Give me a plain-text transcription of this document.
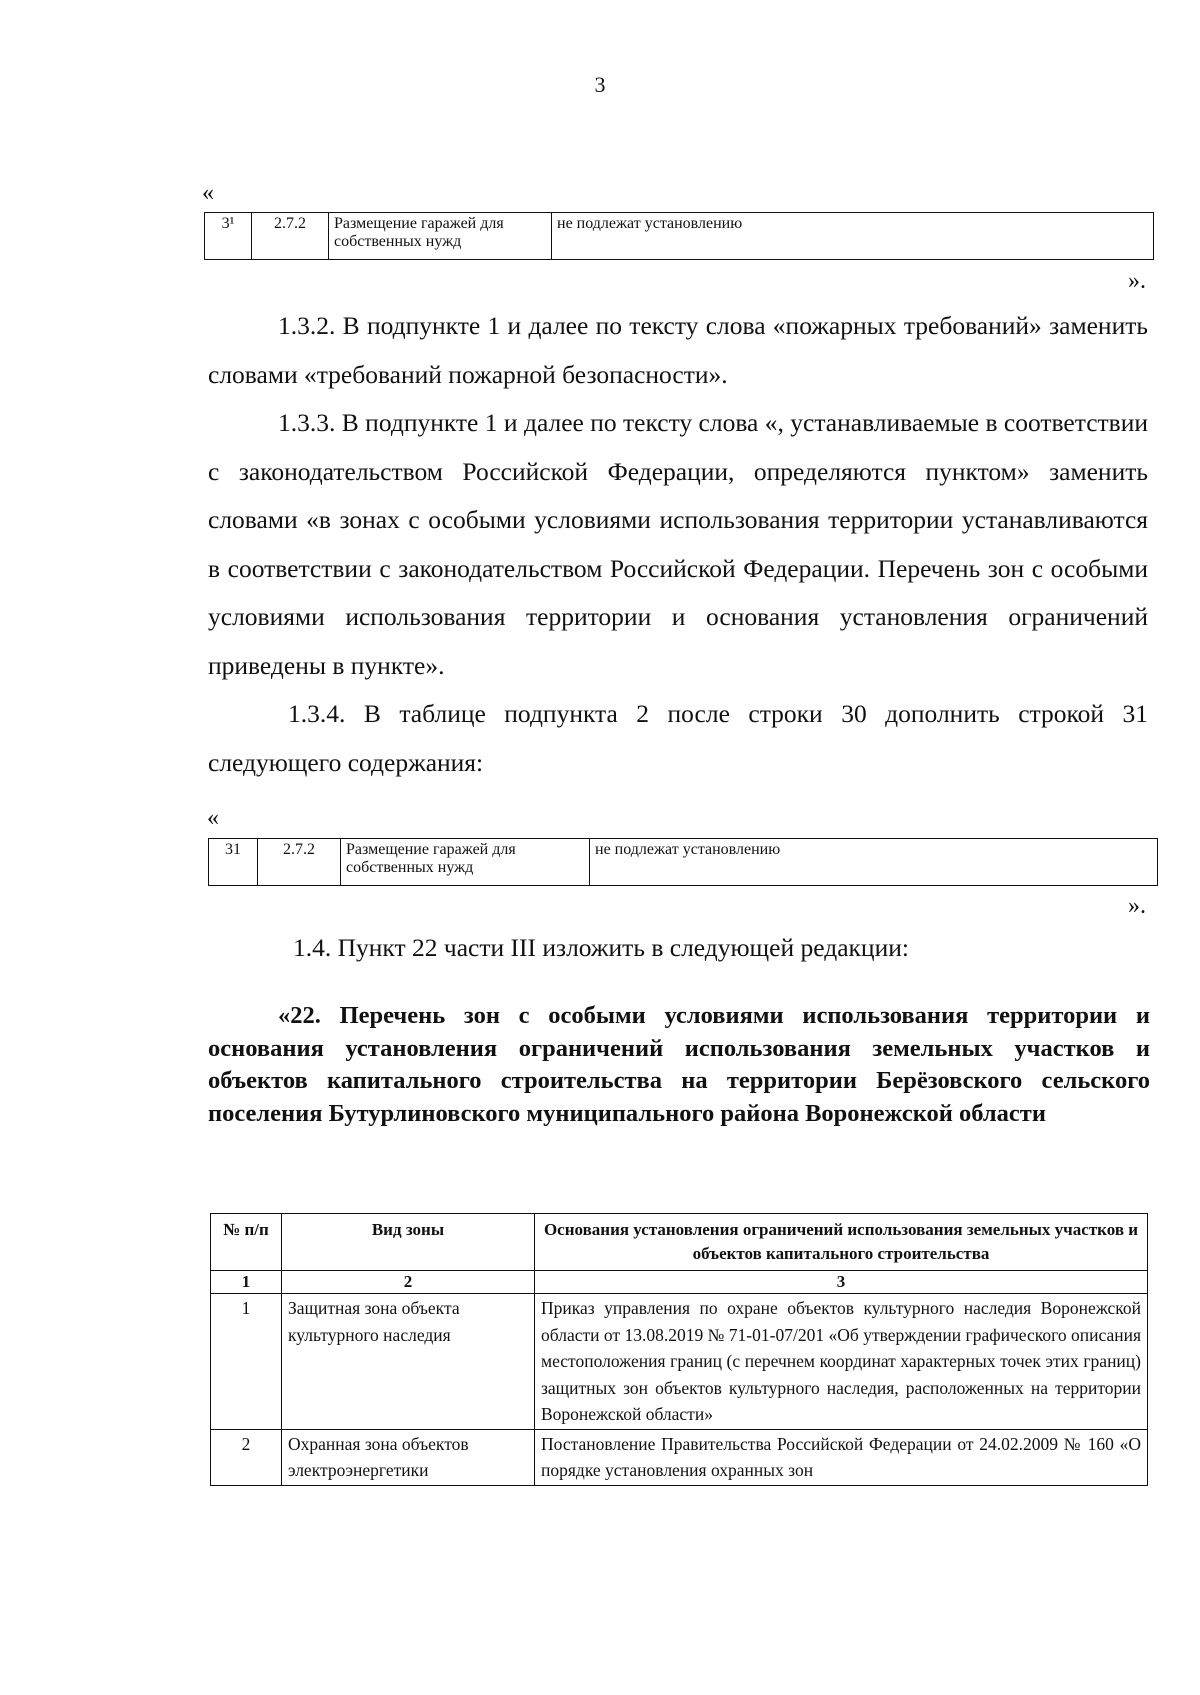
3
«
3¹	2.7.2	Размещение гаражей для собственных нужд	не подлежат установлению
».

1.3.2. В подпункте 1 и далее по тексту слова «пожарных требований» заменить словами «требований пожарной безопасности».

1.3.3. В подпункте 1 и далее по тексту слова «, устанавливаемые в соответствии с законодательством Российской Федерации, определяются пунктом» заменить словами «в зонах с особыми условиями использования территории устанавливаются в соответствии с законодательством Российской Федерации. Перечень зон с особыми условиями использования территории и основания установления ограничений приведены в пункте».

1.3.4. В таблице подпункта 2 после строки 30 дополнить строкой 31 следующего содержания:

«
31	2.7.2	Размещение гаражей для собственных нужд	не подлежат установлению
».

1.4. Пункт 22 части III изложить в следующей редакции:

«22. Перечень зон с особыми условиями использования территории и основания установления ограничений использования земельных участков и объектов капитального строительства на территории Берёзовского сельского поселения Бутурлиновского муниципального района Воронежской области

№ п/п	Вид зоны	Основания установления ограничений использования земельных участков и объектов капитального строительства
1	2	3
1	Защитная зона объекта культурного наследия	Приказ управления по охране объектов культурного наследия Воронежской области от 13.08.2019 № 71-01-07/201 «Об утверждении графического описания местоположения границ (с перечнем координат характерных точек этих границ) защитных зон объектов культурного наследия, расположенных на территории Воронежской области»
2	Охранная зона объектов электроэнергетики	Постановление Правительства Российской Федерации от 24.02.2009 № 160 «О порядке установления охранных зон
